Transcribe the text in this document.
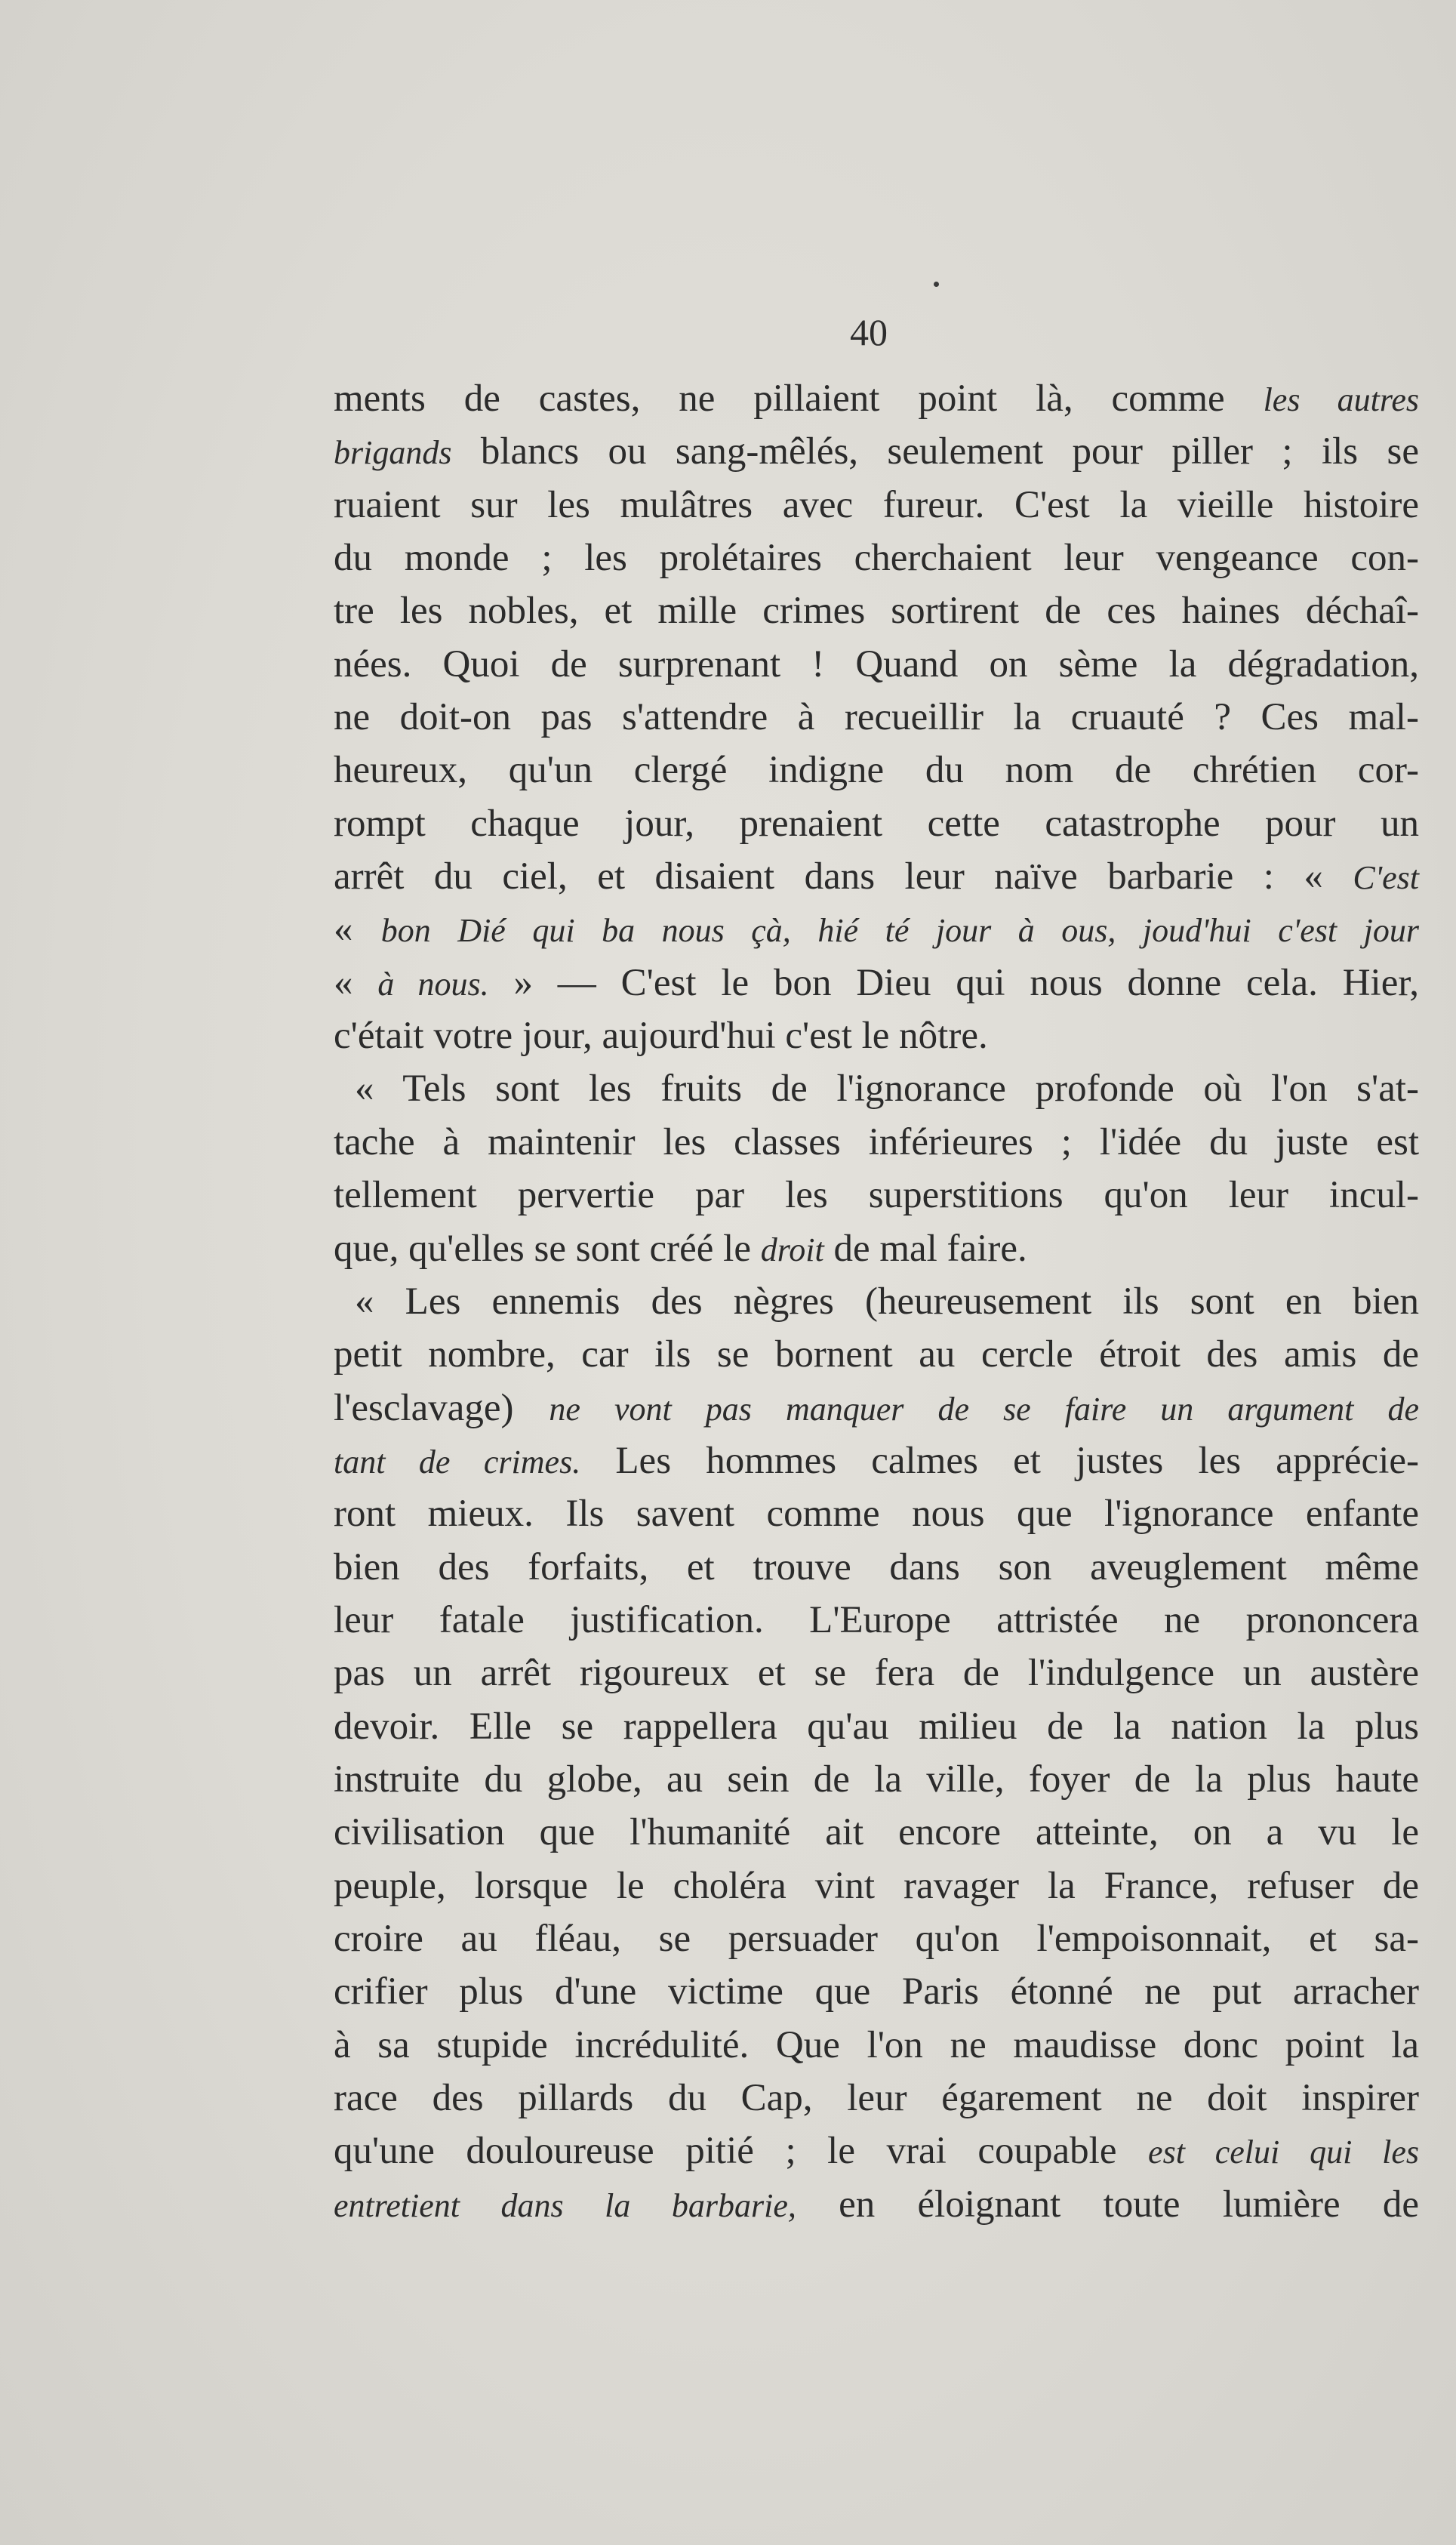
40

ments de castes, ne pillaient point là, comme les autres

brigands blancs ou sang-mêlés, seulement pour piller ; ils se

ruaient sur les mulâtres avec fureur. C'est la vieille histoire

du monde ; les prolétaires cherchaient leur vengeance con-

tre les nobles, et mille crimes sortirent de ces haines déchaî-

nées. Quoi de surprenant ! Quand on sème la dégradation,

ne doit-on pas s'attendre à recueillir la cruauté ? Ces mal-

heureux, qu'un clergé indigne du nom de chrétien cor-

rompt chaque jour, prenaient cette catastrophe pour un

arrêt du ciel, et disaient dans leur naïve barbarie : « C'est

« bon Dié qui ba nous çà, hié té jour à ous, joud'hui c'est jour

« à nous. » — C'est le bon Dieu qui nous donne cela. Hier,

c'était votre jour, aujourd'hui c'est le nôtre.

« Tels sont les fruits de l'ignorance profonde où l'on s'at-

tache à maintenir les classes inférieures ; l'idée du juste est

tellement pervertie par les superstitions qu'on leur incul-

que, qu'elles se sont créé le droit de mal faire.

« Les ennemis des nègres (heureusement ils sont en bien

petit nombre, car ils se bornent au cercle étroit des amis de

l'esclavage) ne vont pas manquer de se faire un argument de

tant de crimes. Les hommes calmes et justes les apprécie-

ront mieux. Ils savent comme nous que l'ignorance enfante

bien des forfaits, et trouve dans son aveuglement même

leur fatale justification. L'Europe attristée ne prononcera

pas un arrêt rigoureux et se fera de l'indulgence un austère

devoir. Elle se rappellera qu'au milieu de la nation la plus

instruite du globe, au sein de la ville, foyer de la plus haute

civilisation que l'humanité ait encore atteinte, on a vu le

peuple, lorsque le choléra vint ravager la France, refuser de

croire au fléau, se persuader qu'on l'empoisonnait, et sa-

crifier plus d'une victime que Paris étonné ne put arracher

à sa stupide incrédulité. Que l'on ne maudisse donc point la

race des pillards du Cap, leur égarement ne doit inspirer

qu'une douloureuse pitié ; le vrai coupable est celui qui les

entretient dans la barbarie, en éloignant toute lumière de
